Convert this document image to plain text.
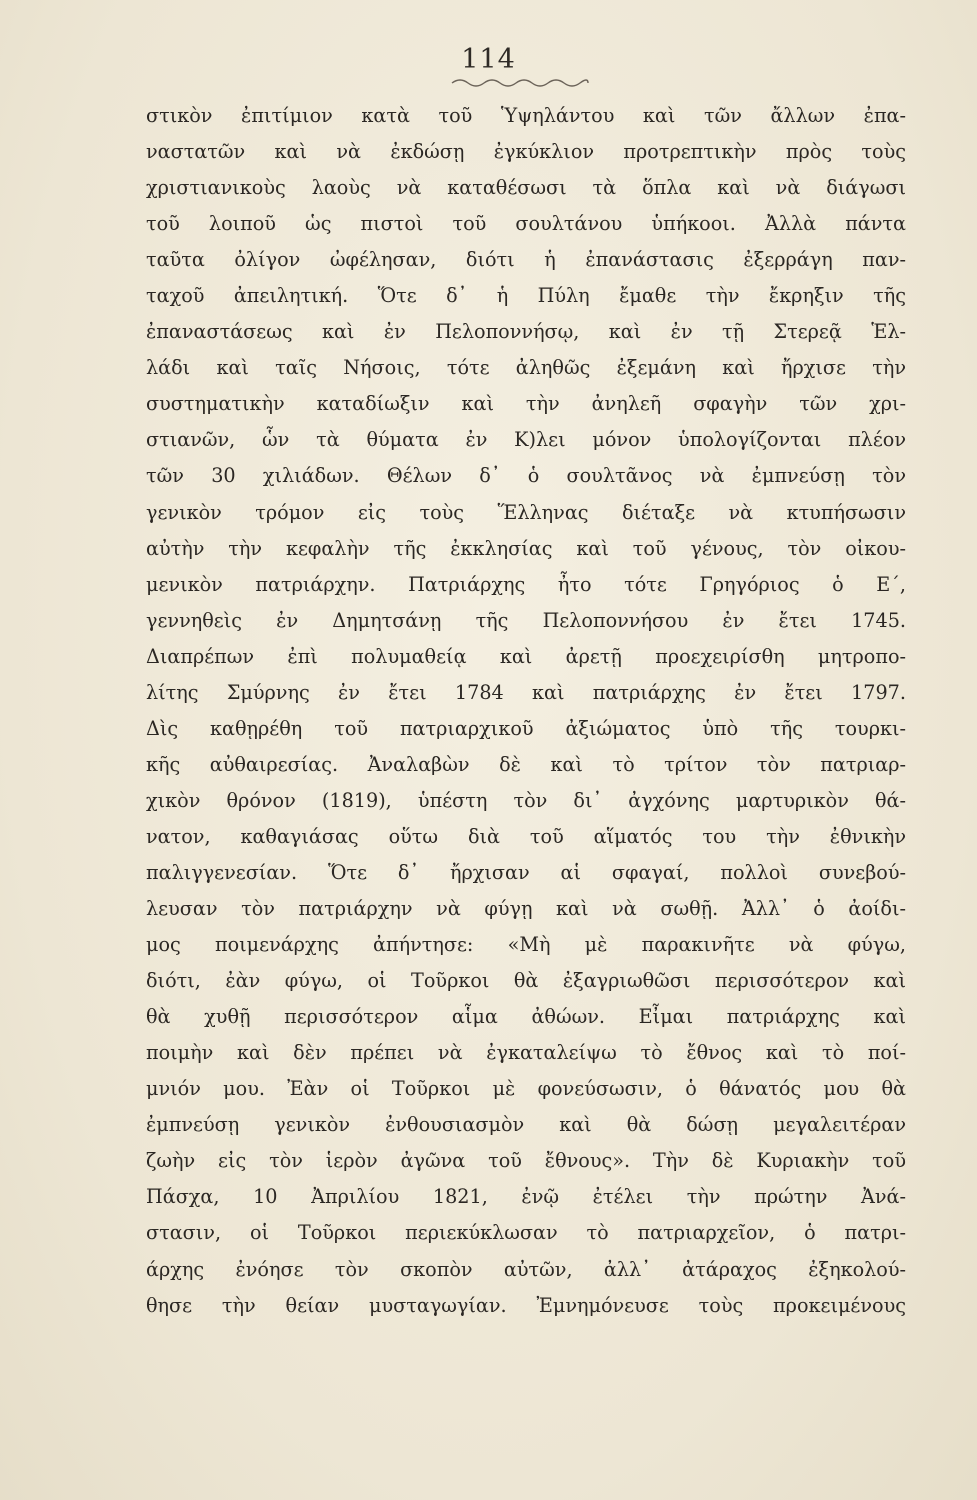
114
στικὸν ἐπιτίμιον κατὰ τοῦ Ὑψηλάντου καὶ τῶν ἄλλων ἐπα-
ναστατῶν καὶ νὰ ἐκδώσῃ ἐγκύκλιον προτρεπτικὴν πρὸς τοὺς
χριστιανικοὺς λαοὺς νὰ καταθέσωσι τὰ ὅπλα καὶ νὰ διάγωσι
τοῦ λοιποῦ ὡς πιστοὶ τοῦ σουλτάνου ὑπήκοοι. Ἀλλὰ πάντα
ταῦτα ὀλίγον ὠφέλησαν, διότι ἡ ἐπανάστασις ἐξερράγη παν-
ταχοῦ ἀπειλητική. Ὅτε δ᾽ ἡ Πύλη ἔμαθε τὴν ἔκρηξιν τῆς
ἐπαναστάσεως καὶ ἐν Πελοποννήσῳ, καὶ ἐν τῇ Στερεᾷ Ἑλ-
λάδι καὶ ταῖς Νήσοις, τότε ἀληθῶς ἐξεμάνη καὶ ἤρχισε τὴν
συστηματικὴν καταδίωξιν καὶ τὴν ἀνηλεῆ σφαγὴν τῶν χρι-
στιανῶν, ὧν τὰ θύματα ἐν Κ)λει μόνον ὑπολογίζονται πλέον
τῶν 30 χιλιάδων. Θέλων δ᾽ ὁ σουλτᾶνος νὰ ἐμπνεύσῃ τὸν
γενικὸν τρόμον εἰς τοὺς Ἕλληνας διέταξε νὰ κτυπήσωσιν
αὐτὴν τὴν κεφαλὴν τῆς ἐκκλησίας καὶ τοῦ γένους, τὸν οἰκου-
μενικὸν πατριάρχην. Πατριάρχης ἦτο τότε Γρηγόριος ὁ Ε΄,
γεννηθεὶς ἐν Δημητσάνῃ τῆς Πελοποννήσου ἐν ἔτει 1745.
Διαπρέπων ἐπὶ πολυμαθείᾳ καὶ ἀρετῇ προεχειρίσθη μητροπο-
λίτης Σμύρνης ἐν ἔτει 1784 καὶ πατριάρχης ἐν ἔτει 1797.
Δὶς καθῃρέθη τοῦ πατριαρχικοῦ ἀξιώματος ὑπὸ τῆς τουρκι-
κῆς αὐθαιρεσίας. Ἀναλαβὼν δὲ καὶ τὸ τρίτον τὸν πατριαρ-
χικὸν θρόνον (1819), ὑπέστη τὸν δι᾽ ἀγχόνης μαρτυρικὸν θά-
νατον, καθαγιάσας οὕτω διὰ τοῦ αἵματός του τὴν ἐθνικὴν
παλιγγενεσίαν. Ὅτε δ᾽ ἤρχισαν αἱ σφαγαί, πολλοὶ συνεβού-
λευσαν τὸν πατριάρχην νὰ φύγῃ καὶ νὰ σωθῇ. Ἀλλ᾽ ὁ ἀοίδι-
μος ποιμενάρχης ἀπήντησε: «Μὴ μὲ παρακινῆτε νὰ φύγω,
διότι, ἐὰν φύγω, οἱ Τοῦρκοι θὰ ἐξαγριωθῶσι περισσότερον καὶ
θὰ χυθῇ περισσότερον αἷμα ἀθώων. Εἶμαι πατριάρχης καὶ
ποιμὴν καὶ δὲν πρέπει νὰ ἐγκαταλείψω τὸ ἔθνος καὶ τὸ ποί-
μνιόν μου. Ἐὰν οἱ Τοῦρκοι μὲ φονεύσωσιν, ὁ θάνατός μου θὰ
ἐμπνεύσῃ γενικὸν ἐνθουσιασμὸν καὶ θὰ δώσῃ μεγαλειτέραν
ζωὴν εἰς τὸν ἱερὸν ἀγῶνα τοῦ ἔθνους». Τὴν δὲ Κυριακὴν τοῦ
Πάσχα, 10 Ἀπριλίου 1821, ἐνῷ ἐτέλει τὴν πρώτην Ἀνά-
στασιν, οἱ Τοῦρκοι περιεκύκλωσαν τὸ πατριαρχεῖον, ὁ πατρι-
άρχης ἐνόησε τὸν σκοπὸν αὐτῶν, ἀλλ᾽ ἀτάραχος ἐξηκολού-
θησε τὴν θείαν μυσταγωγίαν. Ἐμνημόνευσε τοὺς προκειμένους
